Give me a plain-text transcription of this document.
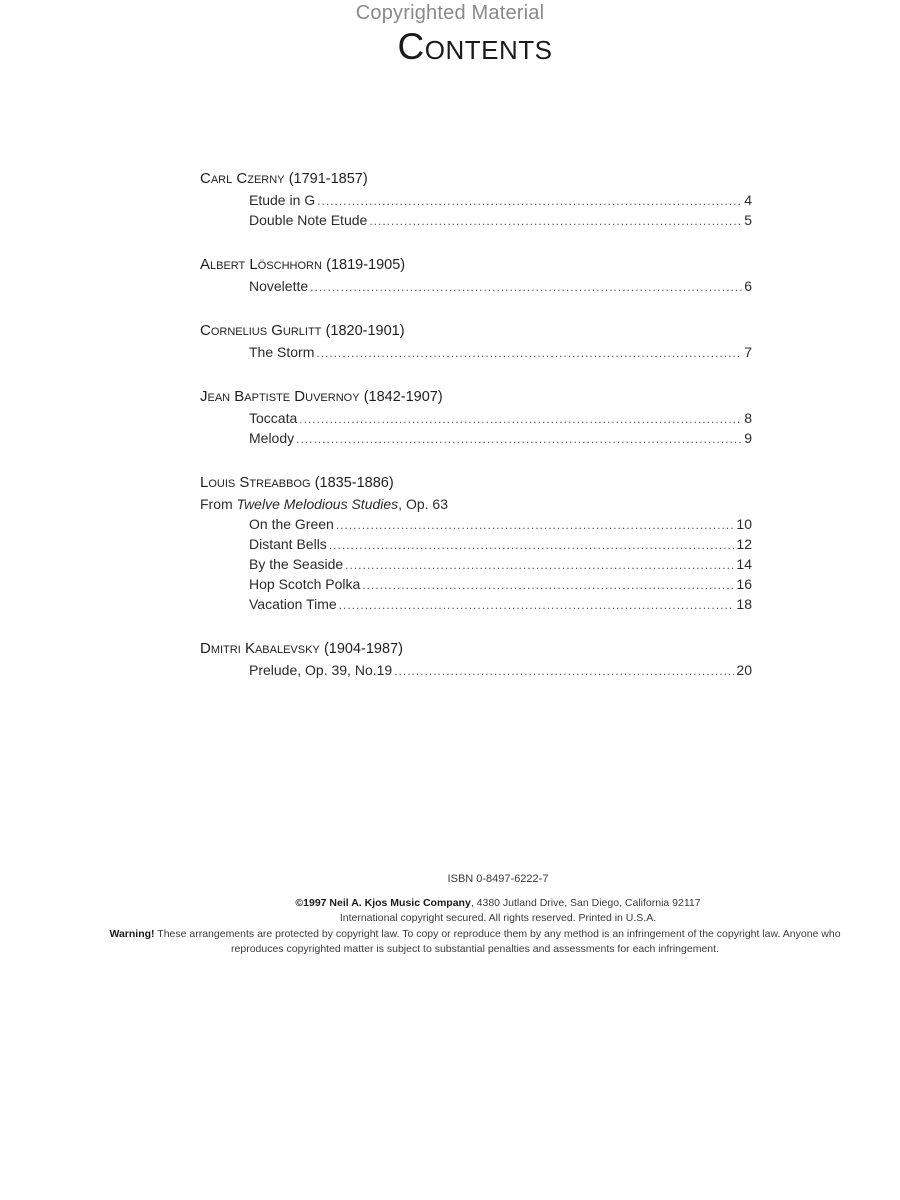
Copyrighted Material
Contents
Carl Czerny (1791-1857)
Etude in G .....	4
Double Note Etude .....	5
Albert Löschhorn (1819-1905)
Novelette .....	6
Cornelius Gurlitt (1820-1901)
The Storm .....	7
Jean Baptiste Duvernoy (1842-1907)
Toccata .....	8
Melody .....	9
Louis Streabbog (1835-1886)
From Twelve Melodious Studies, Op. 63
On the Green .....	10
Distant Bells .....	12
By the Seaside .....	14
Hop Scotch Polka .....	16
Vacation Time .....	18
Dmitri Kabalevsky (1904-1987)
Prelude, Op. 39, No.19 .....	20
ISBN 0-8497-6222-7
©1997 Neil A. Kjos Music Company, 4380 Jutland Drive, San Diego, California 92117
International copyright secured. All rights reserved. Printed in U.S.A.
Warning! These arrangements are protected by copyright law. To copy or reproduce them by any method is an infringement of the copyright law. Anyone who reproduces copyrighted matter is subject to substantial penalties and assessments for each infringement.
